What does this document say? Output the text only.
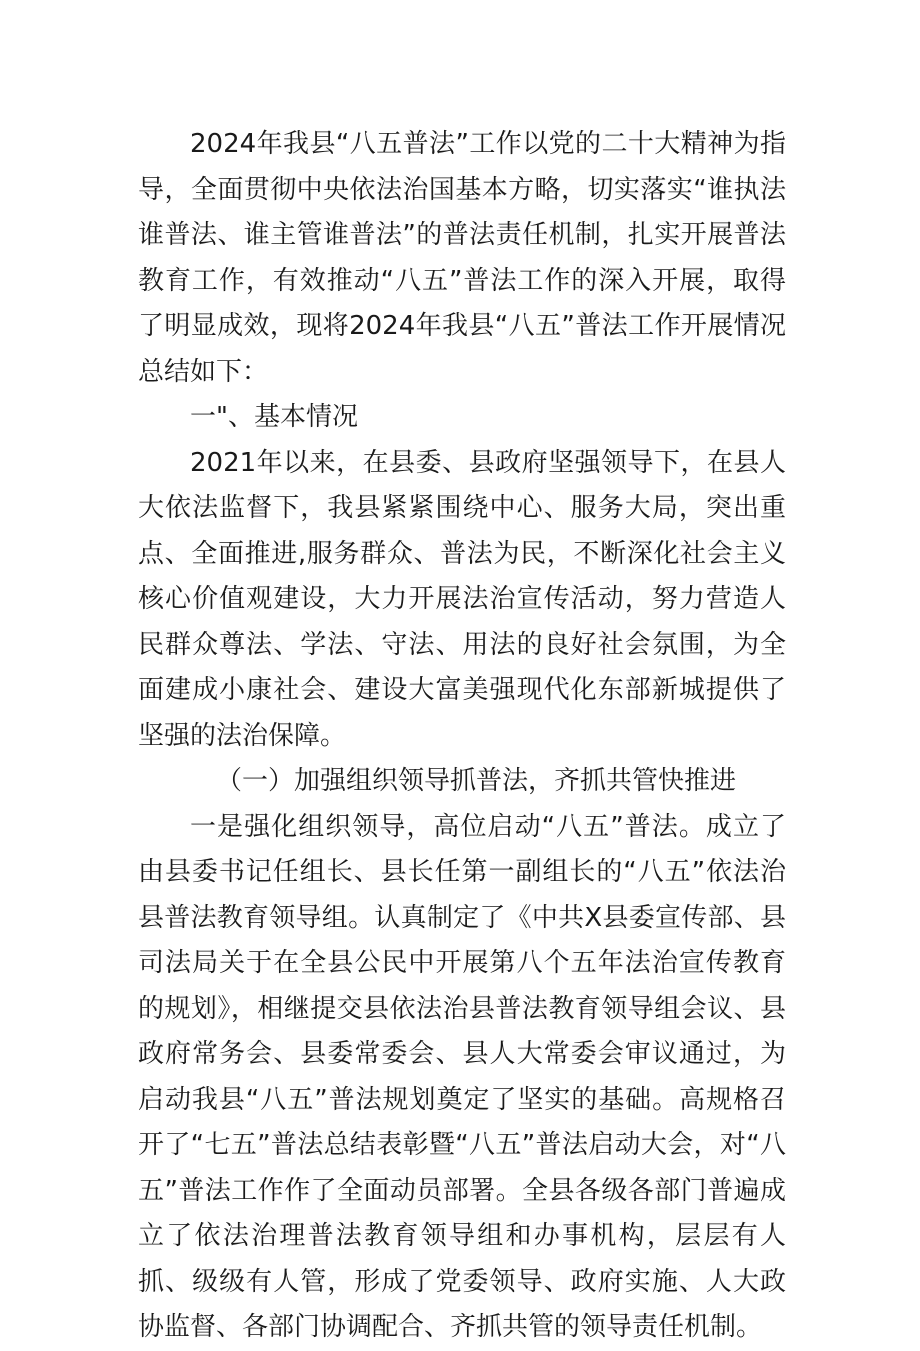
2024年我县“八五普法”工作以党的二十大精神为指导，全面贯彻中央依法治国基本方略，切实落实“谁执法谁普法、谁主管谁普法”的普法责任机制，扎实开展普法教育工作，有效推动“八五”普法工作的深入开展，取得了明显成效，现将2024年我县“八五”普法工作开展情况总结如下：

一"、基本情况

2021年以来，在县委、县政府坚强领导下，在县人大依法监督下，我县紧紧围绕中心、服务大局，突出重点、全面推进,服务群众、普法为民，不断深化社会主义核心价值观建设，大力开展法治宣传活动，努力营造人民群众尊法、学法、守法、用法的良好社会氛围，为全面建成小康社会、建设大富美强现代化东部新城提供了坚强的法治保障。

（一）加强组织领导抓普法，齐抓共管快推进

一是强化组织领导，高位启动“八五”普法。成立了由县委书记任组长、县长任第一副组长的“八五”依法治县普法教育领导组。认真制定了《中共X县委宣传部、县司法局关于在全县公民中开展第八个五年法治宣传教育的规划》，相继提交县依法治县普法教育领导组会议、县政府常务会、县委常委会、县人大常委会审议通过，为启动我县“八五”普法规划奠定了坚实的基础。高规格召开了“七五”普法总结表彰暨“八五”普法启动大会，对“八五”普法工作作了全面动员部署。全县各级各部门普遍成立了依法治理普法教育领导组和办事机构，层层有人抓、级级有人管，形成了党委领导、政府实施、人大政协监督、各部门协调配合、齐抓共管的领导责任机制。
